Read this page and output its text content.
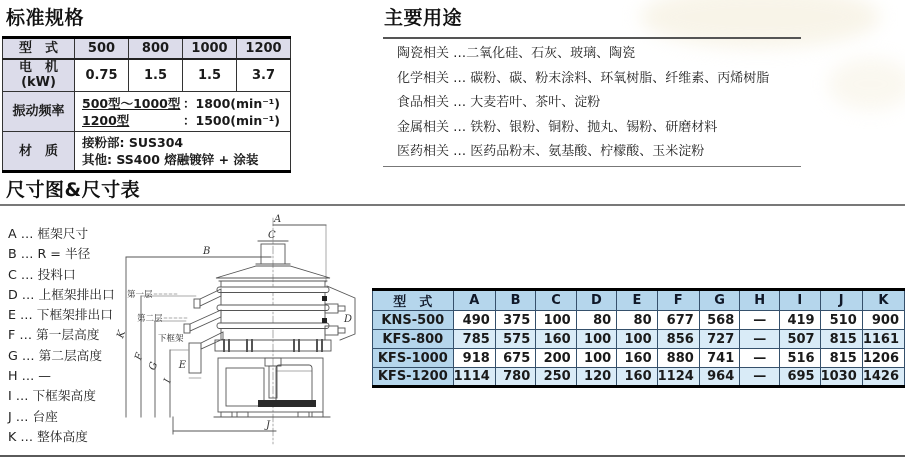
标准规格
型　式	500	800	1000	1200

电　机
(kW)	0.75	1.5	1.5	3.7
振动频率	500型～1000型 ：1800(min⁻¹)
1200型 ：1500(min⁻¹)			

材　质	接粉部: SUS304
其他: SS400 熔融镀锌 + 涂装			
主要用途
陶瓷相关 …二氧化硅、石灰、玻璃、陶瓷
化学相关 … 碳粉、碳、粉末涂料、环氧树脂、纤维素、丙烯树脂
食品相关 … 大麦若叶、茶叶、淀粉
金属相关 … 铁粉、银粉、铜粉、抛丸、锡粉、研磨材料
医药相关 … 医药品粉末、氨基酸、柠檬酸、玉米淀粉
尺寸图&尺寸表
A … 框架尺寸
B … R = 半径
C … 投料口
D … 上框架排出口
E … 下框架排出口
F … 第一层高度
G … 第二层高度
H … —
I … 下框架高度
J … 台座
K … 整体高度
A
C
B
D
E
J
K
F
G
I
第一层
第二层
下框架
型　式	A	B	C	D	E	F	G	H	I	J	K
KNS-500	490	375	100	80	80	677	568	—	419	510	900
KFS-800	785	575	160	100	100	856	727	—	507	815	1161
KFS-1000	918	675	200	100	160	880	741	—	516	815	1206
KFS-1200	1114	780	250	120	160	1124	964	—	695	1030	1426
